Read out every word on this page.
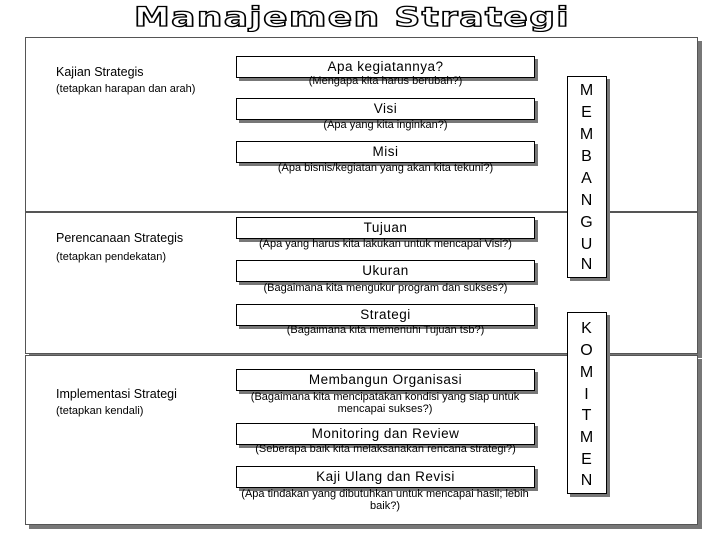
Manajemen Strategi
Kajian Strategis
(tetapkan harapan dan arah)
Perencanaan Strategis
(tetapkan pendekatan)
Implementasi Strategi
(tetapkan kendali)
Apa kegiatannya?
(Mengapa kita harus berubah?)
Visi
(Apa yang kita inginkan?)
Misi
(Apa bisnis/kegiatan yang akan kita tekuni?)
Tujuan
(Apa yang harus kita lakukan untuk mencapai Visi?)
Ukuran
(Bagaimana kita mengukur program dan sukses?)
Strategi
(Bagaimana kita memenuhi Tujuan tsb?)
Membangun Organisasi
(Bagaimana kita mencipatakan kondisi yang siap untuk mencapai sukses?)
Monitoring dan Review
(Seberapa baik kita melaksanakan rencana strategi?)
Kaji Ulang dan Revisi
(Apa tindakan yang dibutuhkan untuk mencapai hasil; lebih baik?)
M
E
M
B
A
N
G
U
N
K
O
M
I
T
M
E
N
